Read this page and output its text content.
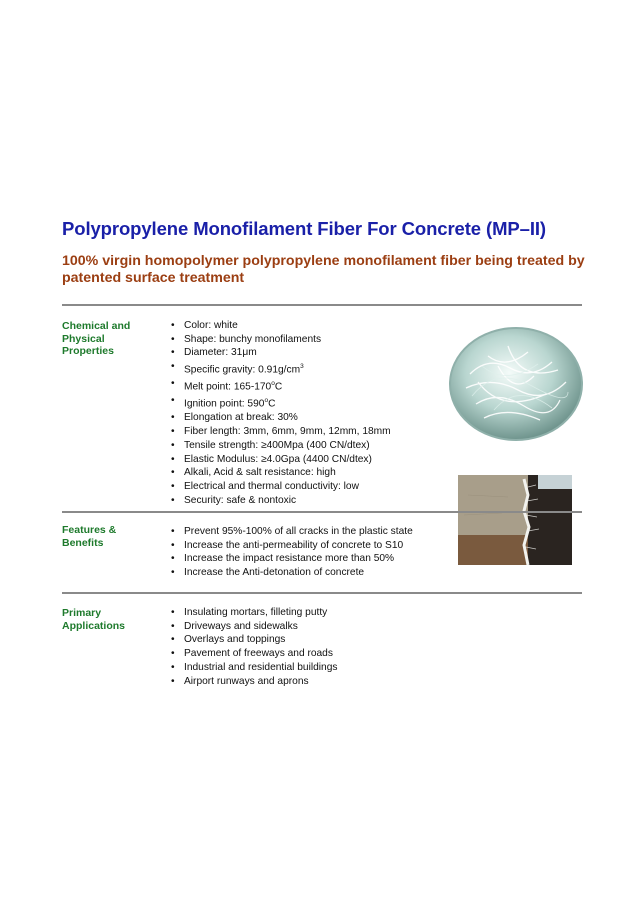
Polypropylene Monofilament Fiber For Concrete (MP–II)
100% virgin homopolymer polypropylene monofilament fiber being treated by patented surface treatment
Chemical and
Physical
Properties
• Color: white
• Shape: bunchy monofilaments
• Diameter: 31μm
• Specific gravity: $0.91g/cm^3$
• Melt point: 165-170$^o$C
• Ignition point: 590$^o$C
• Elongation at break: 30%
• Fiber length: 3mm, 6mm, 9mm, 12mm, 18mm
• Tensile strength: ≥400Mpa (400 CN/dtex)
• Elastic Modulus: ≥4.0Gpa (4400 CN/dtex)
• Alkali, Acid & salt resistance: high
• Electrical and thermal conductivity: low
• Security: safe & nontoxic
Features &
Benefits
• Prevent 95%-100% of all cracks in the plastic state
• Increase the anti-permeability of concrete to S10
• Increase the impact resistance more than 50%
• Increase the Anti-detonation of concrete
Primary
Applications
• Insulating mortars, filleting putty
• Driveways and sidewalks
• Overlays and toppings
• Pavement of freeways and roads
• Industrial and residential buildings
• Airport runways and aprons
